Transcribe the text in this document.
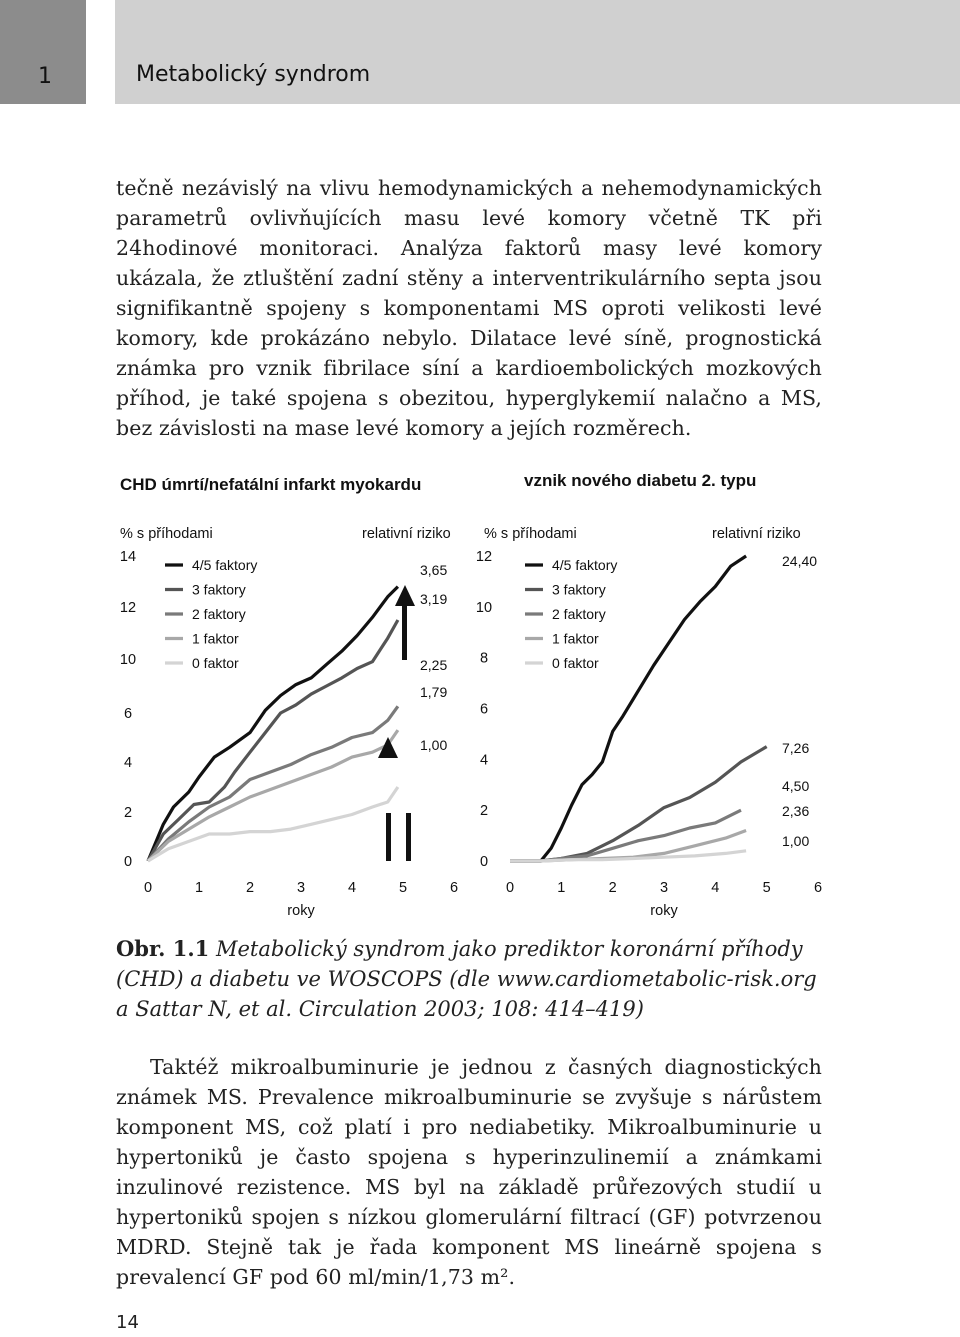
1	Metabolický syndrom
tečně nezávislý na vlivu hemodynamických a nehemodynamických parametrů ovlivňujících masu levé komory včetně TK při 24hodinové monitoraci. Analýza faktorů masy levé komory ukázala, že ztluštění zadní stěny a interventrikulárního septa jsou signifikantně spojeny s komponentami MS oproti velikosti levé komory, kde prokázáno nebylo. Dilatace levé síně, prognostická známka pro vznik fibrilace síní a kardioembolických mozkových příhod, je také spojena s obezitou, hyperglykemií nalačno a MS, bez závislosti na mase levé komory a jejích rozměrech.
CHD úmrtí/nefatální infarkt myokardu
% s příhodami	relativní riziko
0
2
4
6
10
12
14
0	1	2	3	4	5	6
roky
4/5 faktory	3,65
3 faktory
3,19
2 faktory
2,25
1 faktor
1,79
0 faktor
1,00
vznik nového diabetu 2. typu
% s příhodami	relativní riziko
0
2
4
6
8
10
12
0	1	2	3	4	5	6
roky
4/5 faktory	24,40
3 faktory
7,26
2 faktory
4,50
1 faktor
2,36
0 faktor
1,00
Obr. 1.1 Metabolický syndrom jako prediktor koronární příhody (CHD) a diabetu ve WOSCOPS (dle www.cardiometabolic-risk.org a Sattar N, et al. Circulation 2003; 108: 414–419)
Taktéž mikroalbuminurie je jednou z časných diagnostických známek MS. Prevalence mikroalbuminurie se zvyšuje s nárůstem komponent MS, což platí i pro nediabetiky. Mikroalbuminurie u hypertoniků je často spojena s hyperinzulinemií a známkami inzulinové rezistence. MS byl na základě průřezových studií u hypertoniků spojen s nízkou glomerulární filtrací (GF) potvrzenou MDRD. Stejně tak je řada komponent MS lineárně spojena s prevalencí GF pod 60 ml/min/1,73 m².
14
